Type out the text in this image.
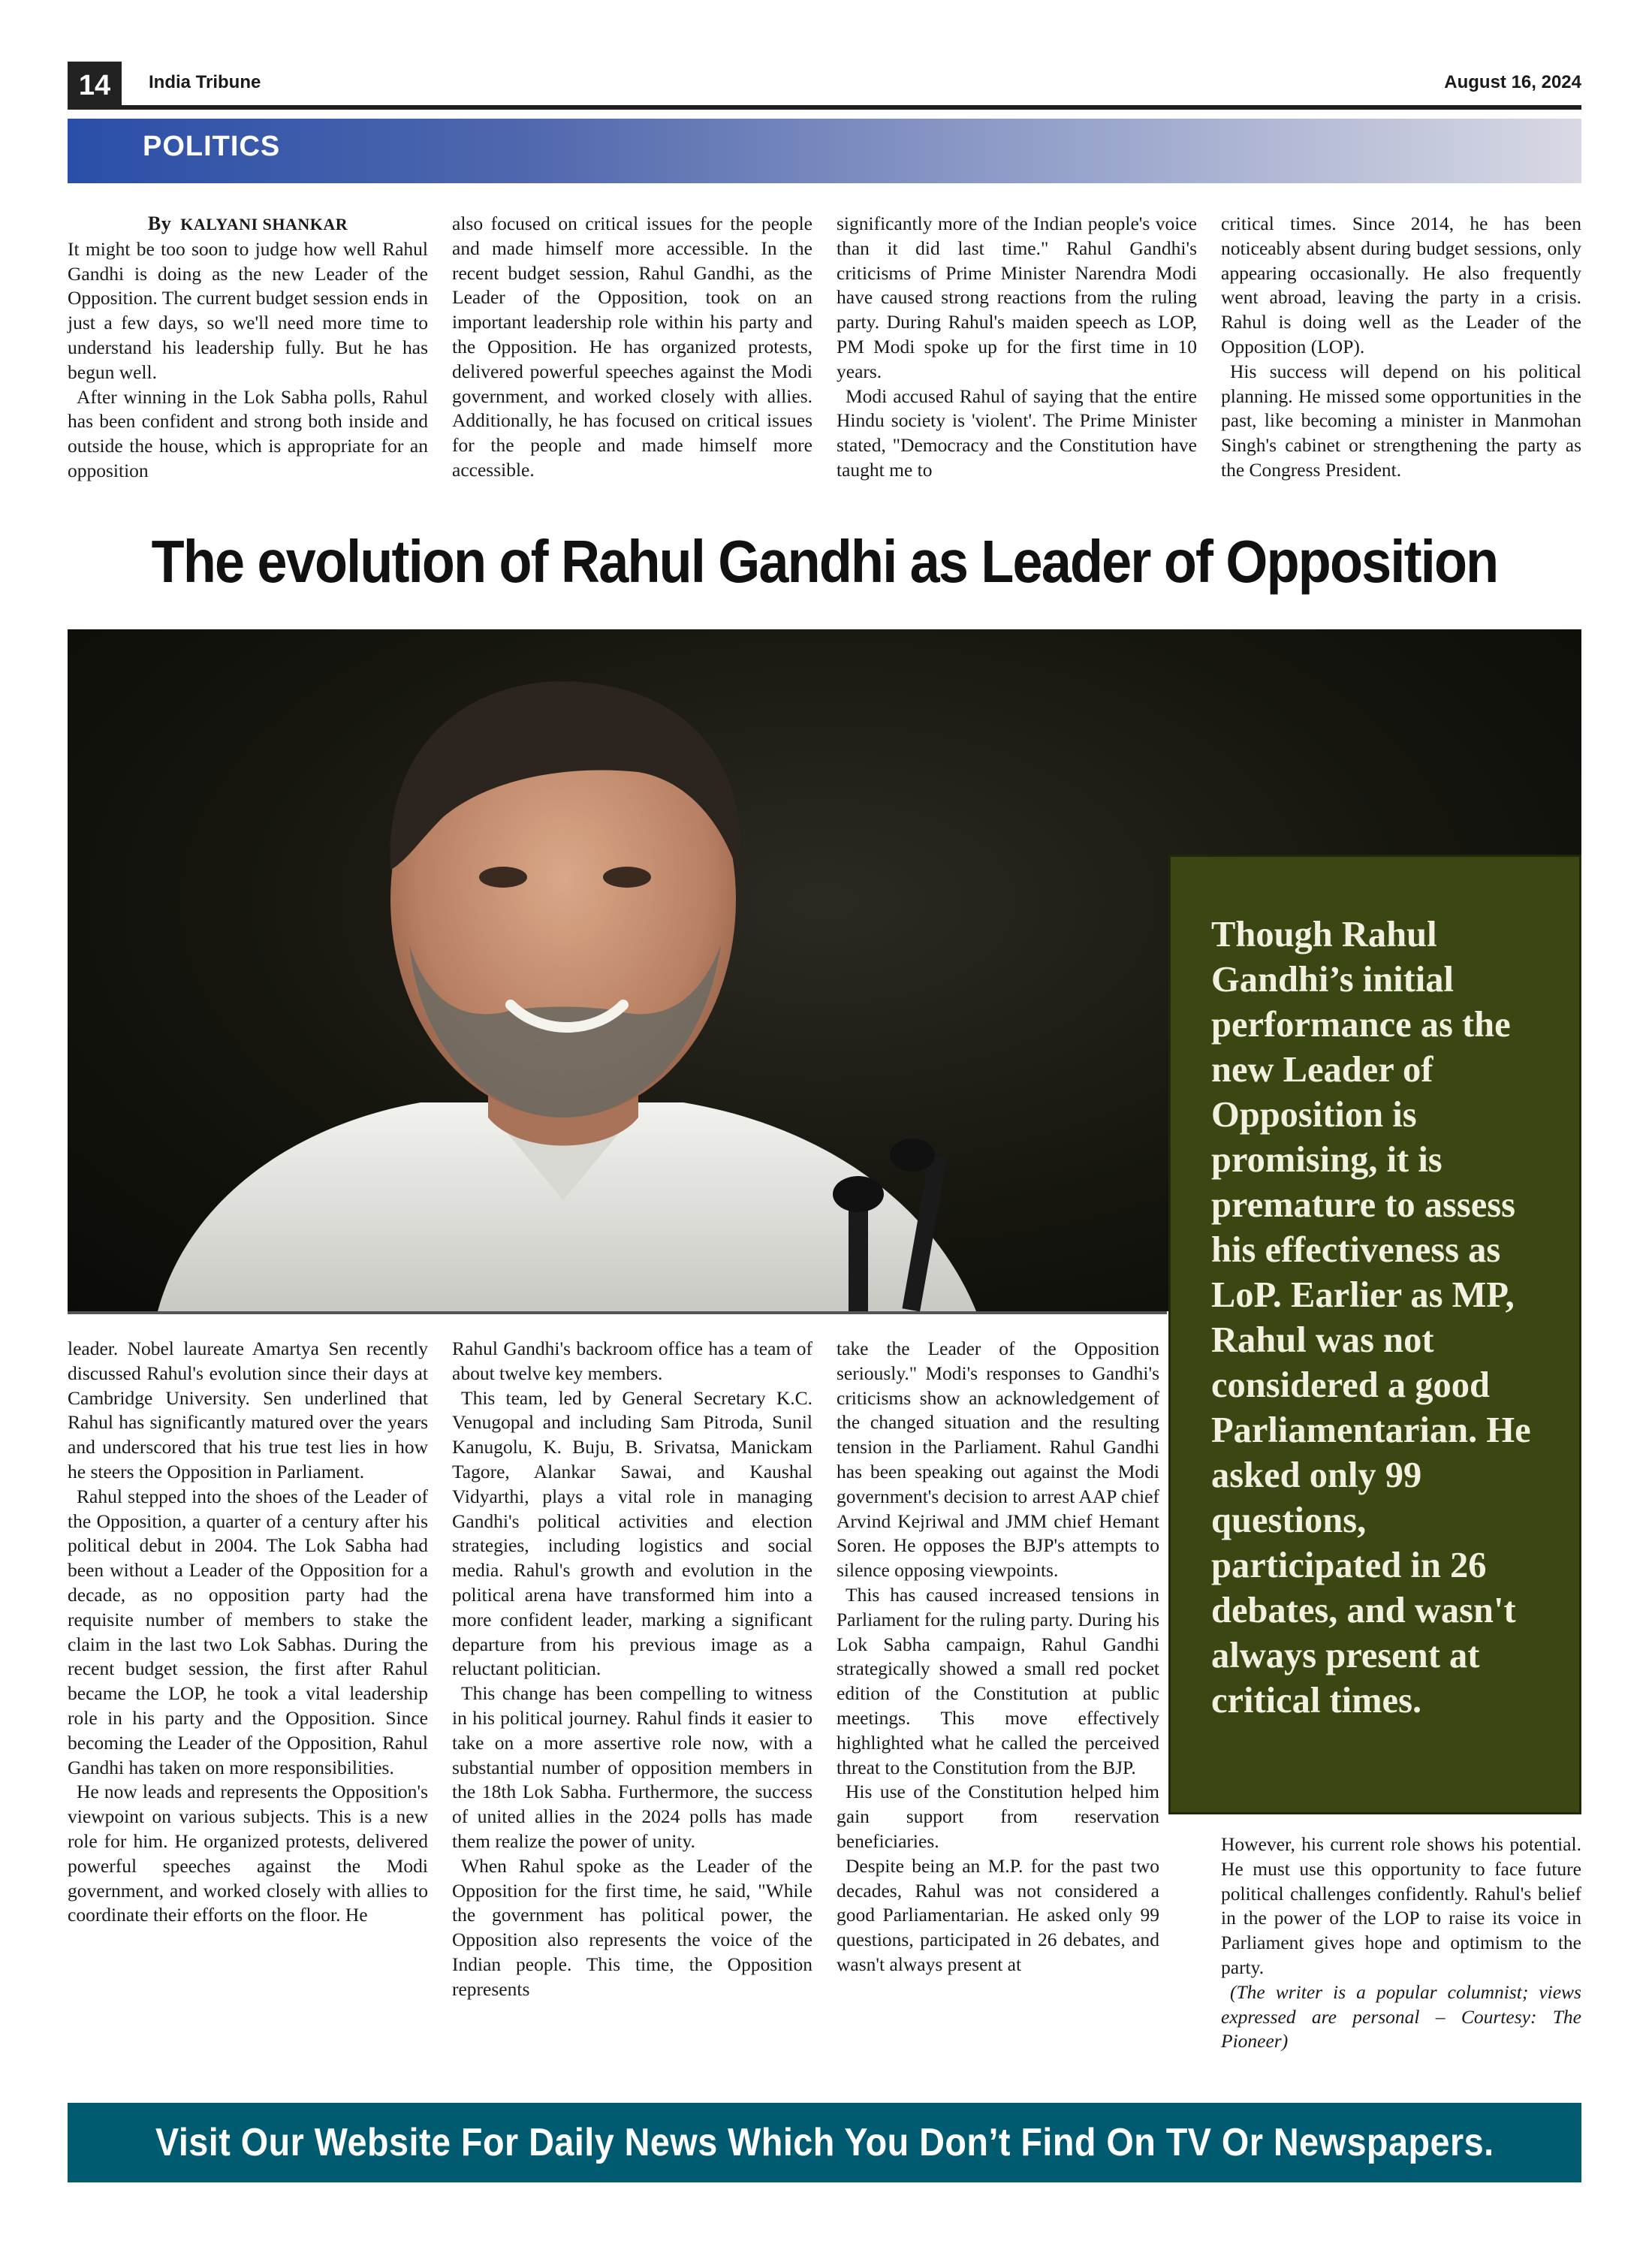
14	India Tribune	August 16, 2024
POLITICS

By KALYANI SHANKAR

It might be too soon to judge how well Rahul Gandhi is doing as the new Leader of the Opposition. The current budget session ends in just a few days, so we'll need more time to understand his leadership fully. But he has begun well.

After winning in the Lok Sabha polls, Rahul has been confident and strong both inside and outside the house, which is appropriate for an opposition

also focused on critical issues for the people and made himself more accessible. In the recent budget session, Rahul Gandhi, as the Leader of the Opposition, took on an important leadership role within his party and the Opposition. He has organized protests, delivered powerful speeches against the Modi government, and worked closely with allies. Additionally, he has focused on critical issues for the people and made himself more accessible.

significantly more of the Indian people's voice than it did last time." Rahul Gandhi's criticisms of Prime Minister Narendra Modi have caused strong reactions from the ruling party. During Rahul's maiden speech as LOP, PM Modi spoke up for the first time in 10 years.

Modi accused Rahul of saying that the entire Hindu society is 'violent'. The Prime Minister stated, "Democracy and the Constitution have taught me to

critical times. Since 2014, he has been noticeably absent during budget sessions, only appearing occasionally. He also frequently went abroad, leaving the party in a crisis. Rahul is doing well as the Leader of the Opposition (LOP).

His success will depend on his political planning. He missed some opportunities in the past, like becoming a minister in Manmohan Singh's cabinet or strengthening the party as the Congress President.

The evolution of Rahul Gandhi as Leader of Opposition

Though Rahul Gandhi’s initial performance as the new Leader of Opposition is promising, it is premature to assess his effectiveness as LoP. Earlier as MP, Rahul was not considered a good Parliamentarian. He asked only 99 questions, participated in 26 debates, and wasn't always present at critical times.

leader. Nobel laureate Amartya Sen recently discussed Rahul's evolution since their days at Cambridge University. Sen underlined that Rahul has significantly matured over the years and underscored that his true test lies in how he steers the Opposition in Parliament.

Rahul stepped into the shoes of the Leader of the Opposition, a quarter of a century after his political debut in 2004. The Lok Sabha had been without a Leader of the Opposition for a decade, as no opposition party had the requisite number of members to stake the claim in the last two Lok Sabhas. During the recent budget session, the first after Rahul became the LOP, he took a vital leadership role in his party and the Opposition. Since becoming the Leader of the Opposition, Rahul Gandhi has taken on more responsibilities.

He now leads and represents the Opposition's viewpoint on various subjects. This is a new role for him. He organized protests, delivered powerful speeches against the Modi government, and worked closely with allies to coordinate their efforts on the floor. He

Rahul Gandhi's backroom office has a team of about twelve key members.

This team, led by General Secretary K.C. Venugopal and including Sam Pitroda, Sunil Kanugolu, K. Buju, B. Srivatsa, Manickam Tagore, Alankar Sawai, and Kaushal Vidyarthi, plays a vital role in managing Gandhi's political activities and election strategies, including logistics and social media. Rahul's growth and evolution in the political arena have transformed him into a more confident leader, marking a significant departure from his previous image as a reluctant politician.

This change has been compelling to witness in his political journey. Rahul finds it easier to take on a more assertive role now, with a substantial number of opposition members in the 18th Lok Sabha. Furthermore, the success of united allies in the 2024 polls has made them realize the power of unity.

When Rahul spoke as the Leader of the Opposition for the first time, he said, "While the government has political power, the Opposition also represents the voice of the Indian people. This time, the Opposition represents

take the Leader of the Opposition seriously." Modi's responses to Gandhi's criticisms show an acknowledgement of the changed situation and the resulting tension in the Parliament. Rahul Gandhi has been speaking out against the Modi government's decision to arrest AAP chief Arvind Kejriwal and JMM chief Hemant Soren. He opposes the BJP's attempts to silence opposing viewpoints.

This has caused increased tensions in Parliament for the ruling party. During his Lok Sabha campaign, Rahul Gandhi strategically showed a small red pocket edition of the Constitution at public meetings. This move effectively highlighted what he called the perceived threat to the Constitution from the BJP.

His use of the Constitution helped him gain support from reservation beneficiaries.

Despite being an M.P. for the past two decades, Rahul was not considered a good Parliamentarian. He asked only 99 questions, participated in 26 debates, and wasn't always present at

However, his current role shows his potential. He must use this opportunity to face future political challenges confidently. Rahul's belief in the power of the LOP to raise its voice in Parliament gives hope and optimism to the party.

(The writer is a popular columnist; views expressed are personal – Courtesy: The Pioneer)

Visit Our Website For Daily News Which You Don’t Find On TV Or Newspapers.
